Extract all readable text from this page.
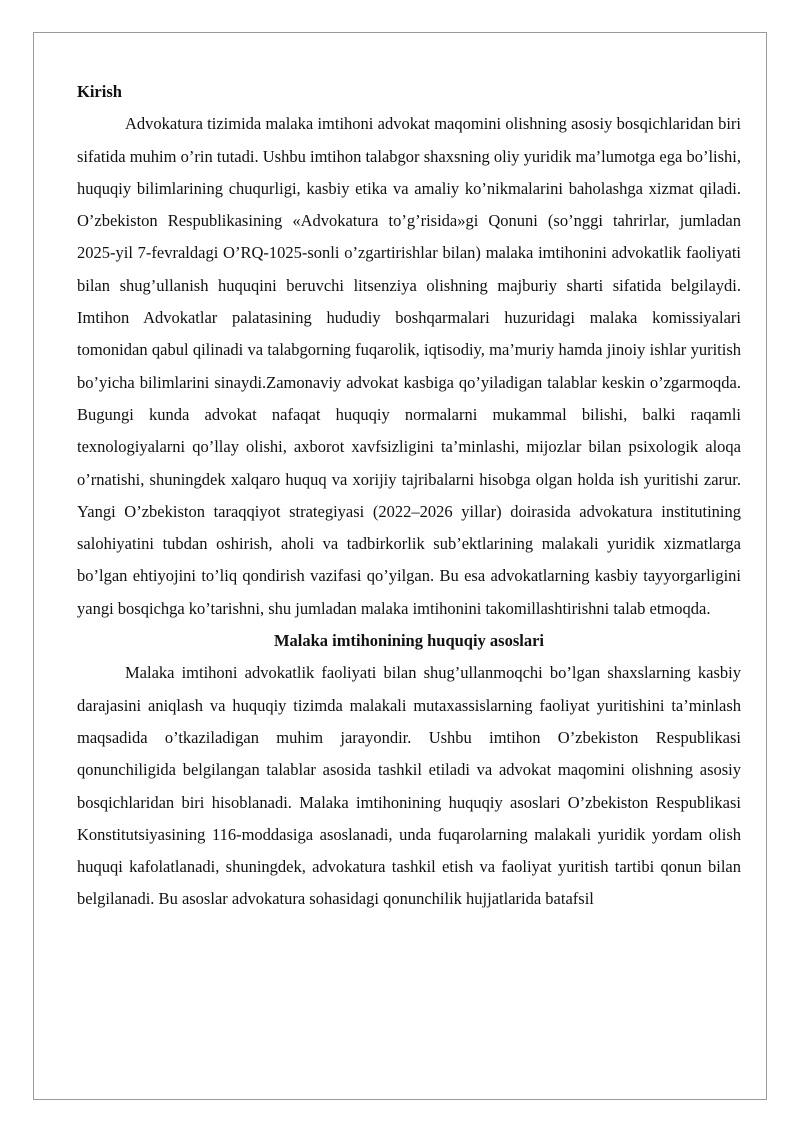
Kirish

Advokatura tizimida malaka imtihoni advokat maqomini olishning asosiy bosqichlaridan biri sifatida muhim o’rin tutadi. Ushbu imtihon talabgor shaxsning oliy yuridik ma’lumotga ega bo’lishi, huquqiy bilimlarining chuqurligi, kasbiy etika va amaliy ko’nikmalarini baholashga xizmat qiladi. O’zbekiston Respublikasining «Advokatura to’g’risida»gi Qonuni (so’nggi tahrirlar, jumladan 2025-yil 7-fevraldagi O’RQ-1025-sonli o’zgartirishlar bilan) malaka imtihonini advokatlik faoliyati bilan shug’ullanish huquqini beruvchi litsenziya olishning majburiy sharti sifatida belgilaydi. Imtihon Advokatlar palatasining hududiy boshqarmalari huzuridagi malaka komissiyalari tomonidan qabul qilinadi va talabgorning fuqarolik, iqtisodiy, ma’muriy hamda jinoiy ishlar yuritish bo’yicha bilimlarini sinaydi.Zamonaviy advokat kasbiga qo’yiladigan talablar keskin o’zgarmoqda. Bugungi kunda advokat nafaqat huquqiy normalarni mukammal bilishi, balki raqamli texnologiyalarni qo’llay olishi, axborot xavfsizligini ta’minlashi, mijozlar bilan psixologik aloqa o’rnatishi, shuningdek xalqaro huquq va xorijiy tajribalarni hisobga olgan holda ish yuritishi zarur. Yangi O’zbekiston taraqqiyot strategiyasi (2022–2026 yillar) doirasida advokatura institutining salohiyatini tubdan oshirish, aholi va tadbirkorlik sub’ektlarining malakali yuridik xizmatlarga bo’lgan ehtiyojini to’liq qondirish vazifasi qo’yilgan. Bu esa advokatlarning kasbiy tayyorgarligini yangi bosqichga ko’tarishni, shu jumladan malaka imtihonini takomillashtirishni talab etmoqda.

Malaka imtihonining huquqiy asoslari

Malaka imtihoni advokatlik faoliyati bilan shug’ullanmoqchi bo’lgan shaxslarning kasbiy darajasini aniqlash va huquqiy tizimda malakali mutaxassislarning faoliyat yuritishini ta’minlash maqsadida o’tkaziladigan muhim jarayondir. Ushbu imtihon O’zbekiston Respublikasi qonunchiligida belgilangan talablar asosida tashkil etiladi va advokat maqomini olishning asosiy bosqichlaridan biri hisoblanadi. Malaka imtihonining huquqiy asoslari O’zbekiston Respublikasi Konstitutsiyasining 116-moddasiga asoslanadi, unda fuqarolarning malakali yuridik yordam olish huquqi kafolatlanadi, shuningdek, advokatura tashkil etish va faoliyat yuritish tartibi qonun bilan belgilanadi. Bu asoslar advokatura sohasidagi qonunchilik hujjatlarida batafsil
